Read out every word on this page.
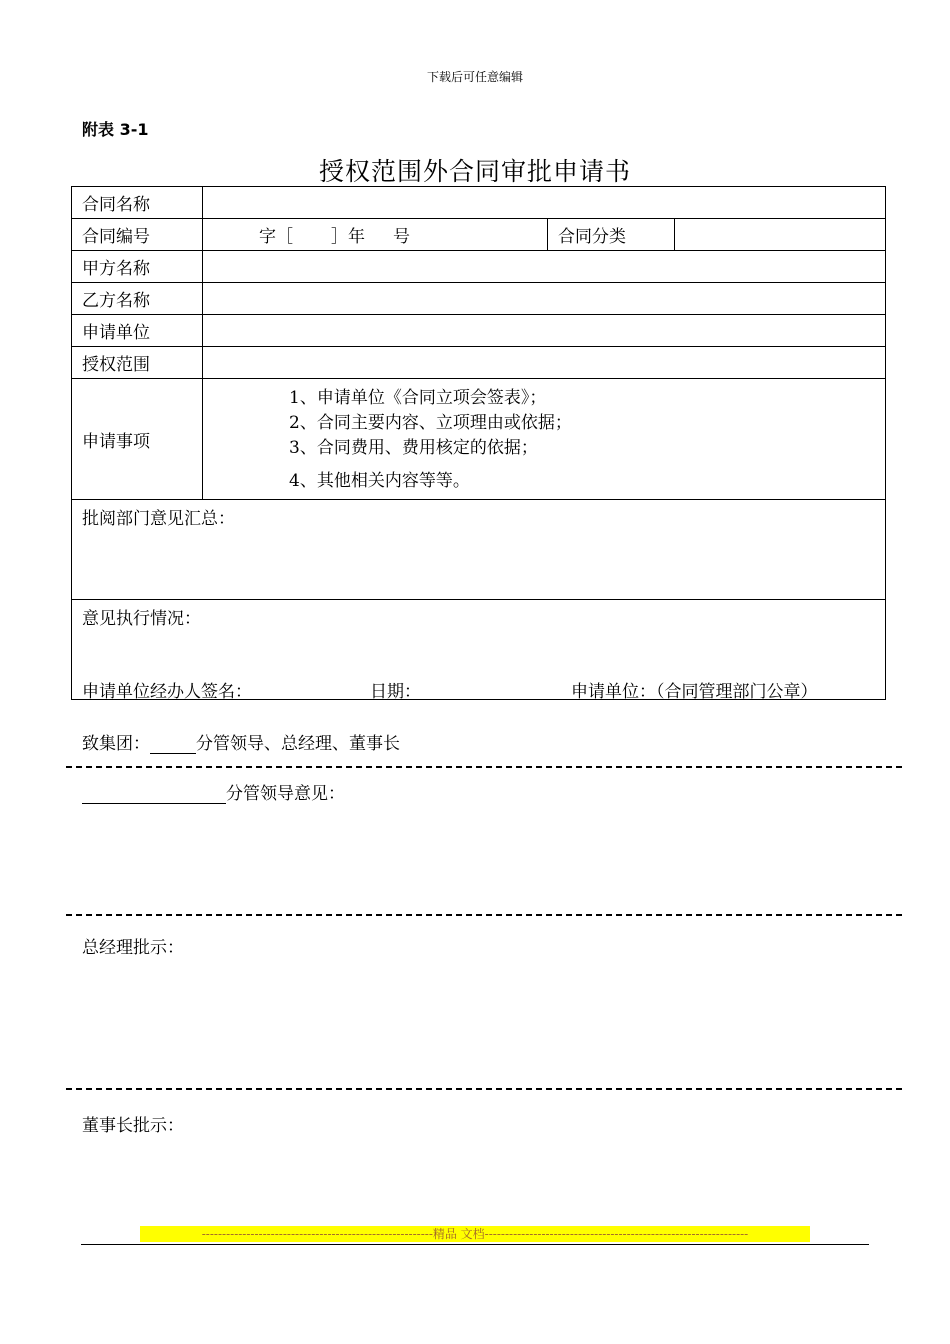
下载后可任意编辑
附表 3-1
授权范围外合同审批申请书
合同名称			
合同编号	字［ ］年 号	合同分类	
甲方名称			
乙方名称			
申请单位			
授权范围			
申请事项	1、申请单位《合同立项会签表》；
2、合同主要内容、立项理由或依据；
3、合同费用、费用核定的依据；
4、其他相关内容等等。		

批阅部门意见汇总：			
意见执行情况：
申请单位经办人签名： 日期： 申请单位：（合同管理部门公章）			
致集团：	分管领导、总经理、董事长
分管领导意见：
总经理批示：
董事长批示：
---------------------------------------------------------精品 文档-----------------------------------------------------------------
